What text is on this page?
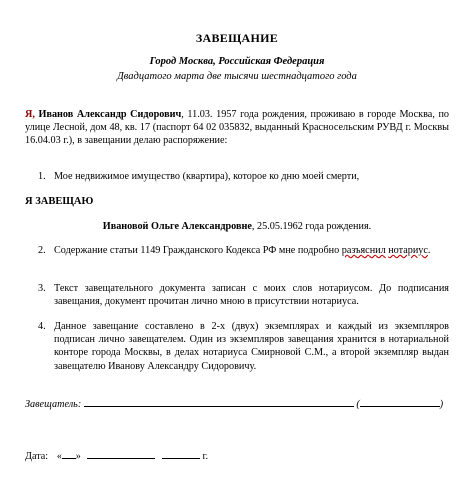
ЗАВЕЩАНИЕ
Город Москва, Российская Федерация
Двадцатого марта две тысячи шестнадцатого года
Я, Иванов Александр Сидорович, 11.03. 1957 года рождения, проживаю в городе Москва, по улице Лесной, дом 48, кв. 17 (паспорт 64 02 035832, выданный Красносельским РУВД г. Москвы 16.04.03 г.), в завещании делаю распоряжение:
1. Мое недвижимое имущество (квартира), которое ко дню моей смерти,
Я ЗАВЕЩАЮ
Ивановой Ольге Александровне, 25.05.1962 года рождения.
2. Содержание статьи 1149 Гражданского Кодекса РФ мне подробно разъяснил нотариус.
3. Текст завещательного документа записан с моих слов нотариусом. До подписания завещания, документ прочитан лично мною в присутствии нотариуса.
4. Данное завещание составлено в 2-х (двух) экземплярах и каждый из экземпляров подписан лично завещателем. Один из экземпляров завещания хранится в нотариальной конторе города Москвы, в делах нотариуса Смирновой С.М., а второй экземпляр выдан завещателю Иванову Александру Сидоровичу.
Завещатель:	(	)
Дата: « »	г.
